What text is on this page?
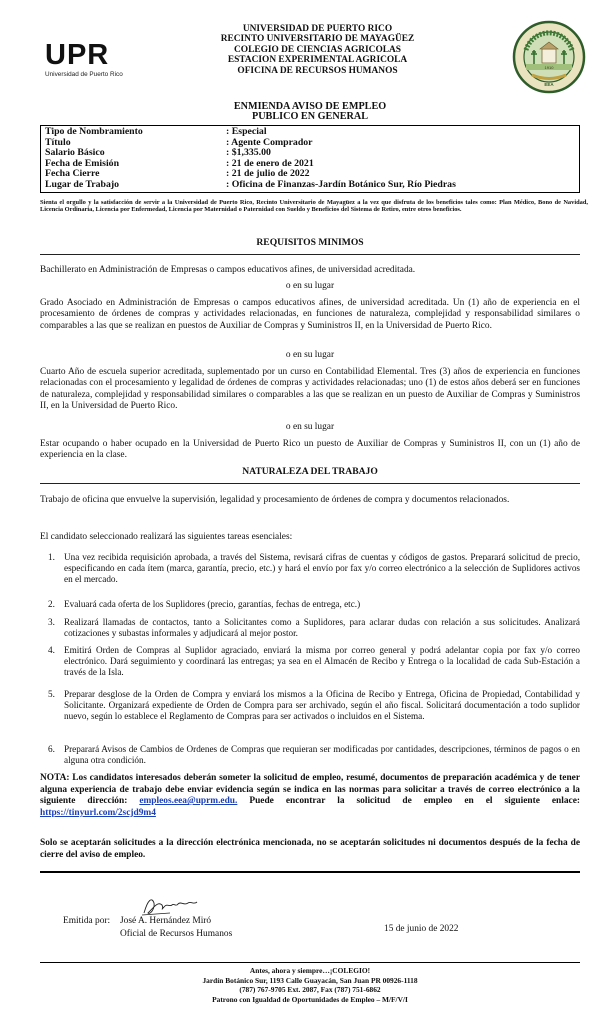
UPR
Universidad de Puerto Rico
1910
EEA
UNIVERSIDAD DE PUERTO RICO
RECINTO UNIVERSITARIO DE MAYAGÜEZ
COLEGIO DE CIENCIAS AGRICOLAS
ESTACION EXPERIMENTAL AGRICOLA
OFICINA DE RECURSOS HUMANOS
ENMIENDA AVISO DE EMPLEO
PUBLICO EN GENERAL
Tipo de Nombramiento	: Especial
Título	: Agente Comprador
Salario Básico	: $1,335.00
Fecha de Emisión	: 21 de enero de 2021
Fecha Cierre	: 21 de julio de 2022
Lugar de Trabajo	: Oficina de Finanzas-Jardín Botánico Sur, Río Piedras
Sienta el orgullo y la satisfacción de servir a la Universidad de Puerto Rico, Recinto Universitario de Mayagüez a la vez que disfruta de los beneficios tales como: Plan Médico, Bono de Navidad, Licencia Ordinaria, Licencia por Enfermedad, Licencia por Maternidad o Paternidad con Sueldo y Beneficios del Sistema de Retiro, entre otros beneficios.
REQUISITOS MINIMOS
Bachillerato en Administración de Empresas o campos educativos afines, de universidad acreditada.
o en su lugar
Grado Asociado en Administración de Empresas o campos educativos afines, de universidad acreditada. Un (1) año de experiencia en el procesamiento de órdenes de compras y actividades relacionadas, en funciones de naturaleza, complejidad y responsabilidad similares o comparables a las que se realizan en puestos de Auxiliar de Compras y Suministros II, en la Universidad de Puerto Rico.
o en su lugar
Cuarto Año de escuela superior acreditada, suplementado por un curso en Contabilidad Elemental. Tres (3) años de experiencia en funciones relacionadas con el procesamiento y legalidad de órdenes de compras y actividades relacionadas; uno (1) de estos años deberá ser en funciones de naturaleza, complejidad y responsabilidad similares o comparables a las que se realizan en un puesto de Auxiliar de Compras y Suministros II, en la Universidad de Puerto Rico.
o en su lugar
Estar ocupando o haber ocupado en la Universidad de Puerto Rico un puesto de Auxiliar de Compras y Suministros II, con un (1) año de experiencia en la clase.
NATURALEZA DEL TRABAJO
Trabajo de oficina que envuelve la supervisión, legalidad y procesamiento de órdenes de compra y documentos relacionados.
El candidato seleccionado realizará las siguientes tareas esenciales:
1. Una vez recibida requisición aprobada, a través del Sistema, revisará cifras de cuentas y códigos de gastos. Preparará solicitud de precio, especificando en cada ítem (marca, garantía, precio, etc.) y hará el envío por fax y/o correo electrónico a la selección de Suplidores activos en el mercado.
2. Evaluará cada oferta de los Suplidores (precio, garantías, fechas de entrega, etc.)
3. Realizará llamadas de contactos, tanto a Solicitantes como a Suplidores, para aclarar dudas con relación a sus solicitudes. Analizará cotizaciones y subastas informales y adjudicará al mejor postor.
4. Emitirá Orden de Compras al Suplidor agraciado, enviará la misma por correo general y podrá adelantar copia por fax y/o correo electrónico. Dará seguimiento y coordinará las entregas; ya sea en el Almacén de Recibo y Entrega o la localidad de cada Sub-Estación a través de la Isla.
5. Preparar desglose de la Orden de Compra y enviará los mismos a la Oficina de Recibo y Entrega, Oficina de Propiedad, Contabilidad y Solicitante. Organizará expediente de Orden de Compra para ser archivado, según el año fiscal. Solicitará documentación a todo suplidor nuevo, según lo establece el Reglamento de Compras para ser activados o incluidos en el Sistema.
6. Preparará Avisos de Cambios de Ordenes de Compras que requieran ser modificadas por cantidades, descripciones, términos de pagos o en alguna otra condición.
NOTA: Los candidatos interesados deberán someter la solicitud de empleo, resumé, documentos de preparación académica y de tener alguna experiencia de trabajo debe enviar evidencia según se indica en las normas para solicitar a través de correo electrónico a la siguiente dirección: empleos.eea@uprm.edu. Puede encontrar la solicitud de empleo en el siguiente enlace: https://tinyurl.com/2scjd9m4
Solo se aceptarán solicitudes a la dirección electrónica mencionada, no se aceptarán solicitudes ni documentos después de la fecha de cierre del aviso de empleo.
Emitida por: José A. Hernández Miró
Oficial de Recursos Humanos	15 de junio de 2022
Antes, ahora y siempre…¡COLEGIO!
Jardín Botánico Sur, 1193 Calle Guayacán, San Juan PR 00926-1118
(787) 767-9705 Ext. 2087, Fax (787) 751-6862
Patrono con Igualdad de Oportunidades de Empleo – M/F/V/I
